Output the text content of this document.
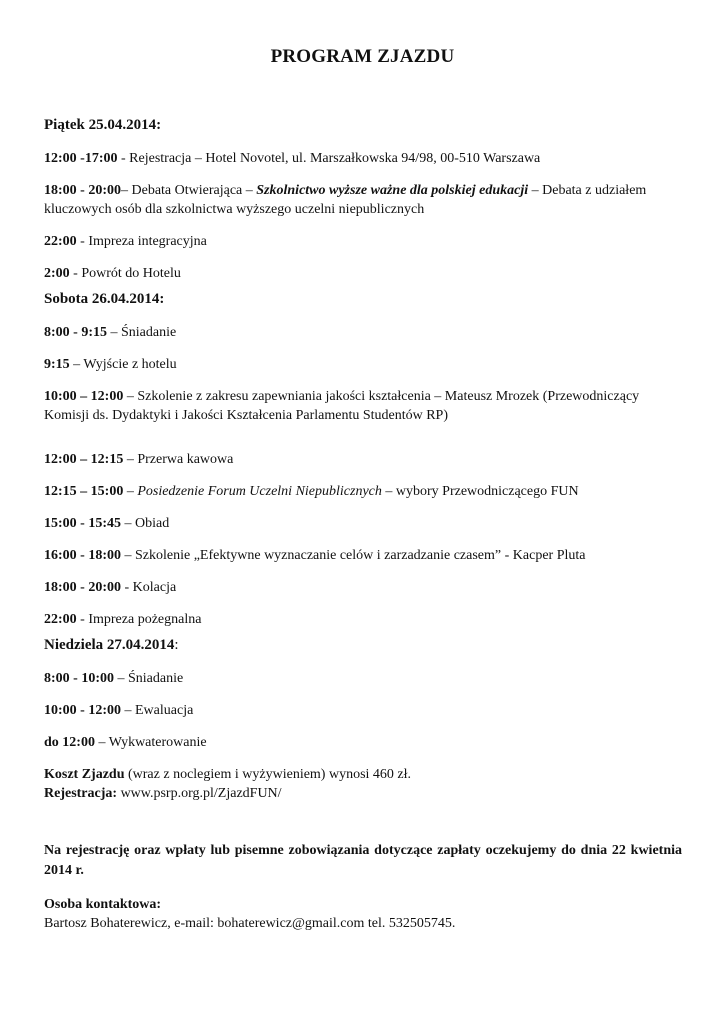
PROGRAM ZJAZDU
Piątek 25.04.2014:
12:00 -17:00 - Rejestracja – Hotel Novotel, ul. Marszałkowska 94/98, 00-510 Warszawa
18:00 - 20:00– Debata Otwierająca – Szkolnictwo wyższe ważne dla polskiej edukacji – Debata z udziałem kluczowych osób dla szkolnictwa wyższego uczelni niepublicznych
22:00 - Impreza integracyjna
2:00 - Powrót do Hotelu
Sobota 26.04.2014:
8:00 - 9:15 – Śniadanie
9:15 – Wyjście z hotelu
10:00 – 12:00 – Szkolenie z zakresu zapewniania jakości kształcenia – Mateusz Mrozek (Przewodniczący Komisji ds. Dydaktyki i Jakości Kształcenia Parlamentu Studentów RP)
12:00 – 12:15 – Przerwa kawowa
12:15 – 15:00 – Posiedzenie Forum Uczelni Niepublicznych – wybory Przewodniczącego FUN
15:00 - 15:45 – Obiad
16:00 - 18:00 – Szkolenie „Efektywne wyznaczanie celów i zarzadzanie czasem” - Kacper Pluta
18:00 - 20:00 - Kolacja
22:00 - Impreza pożegnalna
Niedziela 27.04.2014:
8:00 - 10:00 – Śniadanie
10:00 - 12:00 – Ewaluacja
do 12:00 – Wykwaterowanie
Koszt Zjazdu (wraz z noclegiem i wyżywieniem) wynosi 460 zł.
Rejestracja: www.psrp.org.pl/ZjazdFUN/
Na rejestrację oraz wpłaty lub pisemne zobowiązania dotyczące zapłaty oczekujemy do dnia 22 kwietnia 2014 r.
Osoba kontaktowa:
Bartosz Bohaterewicz, e-mail: bohaterewicz@gmail.com tel. 532505745.
